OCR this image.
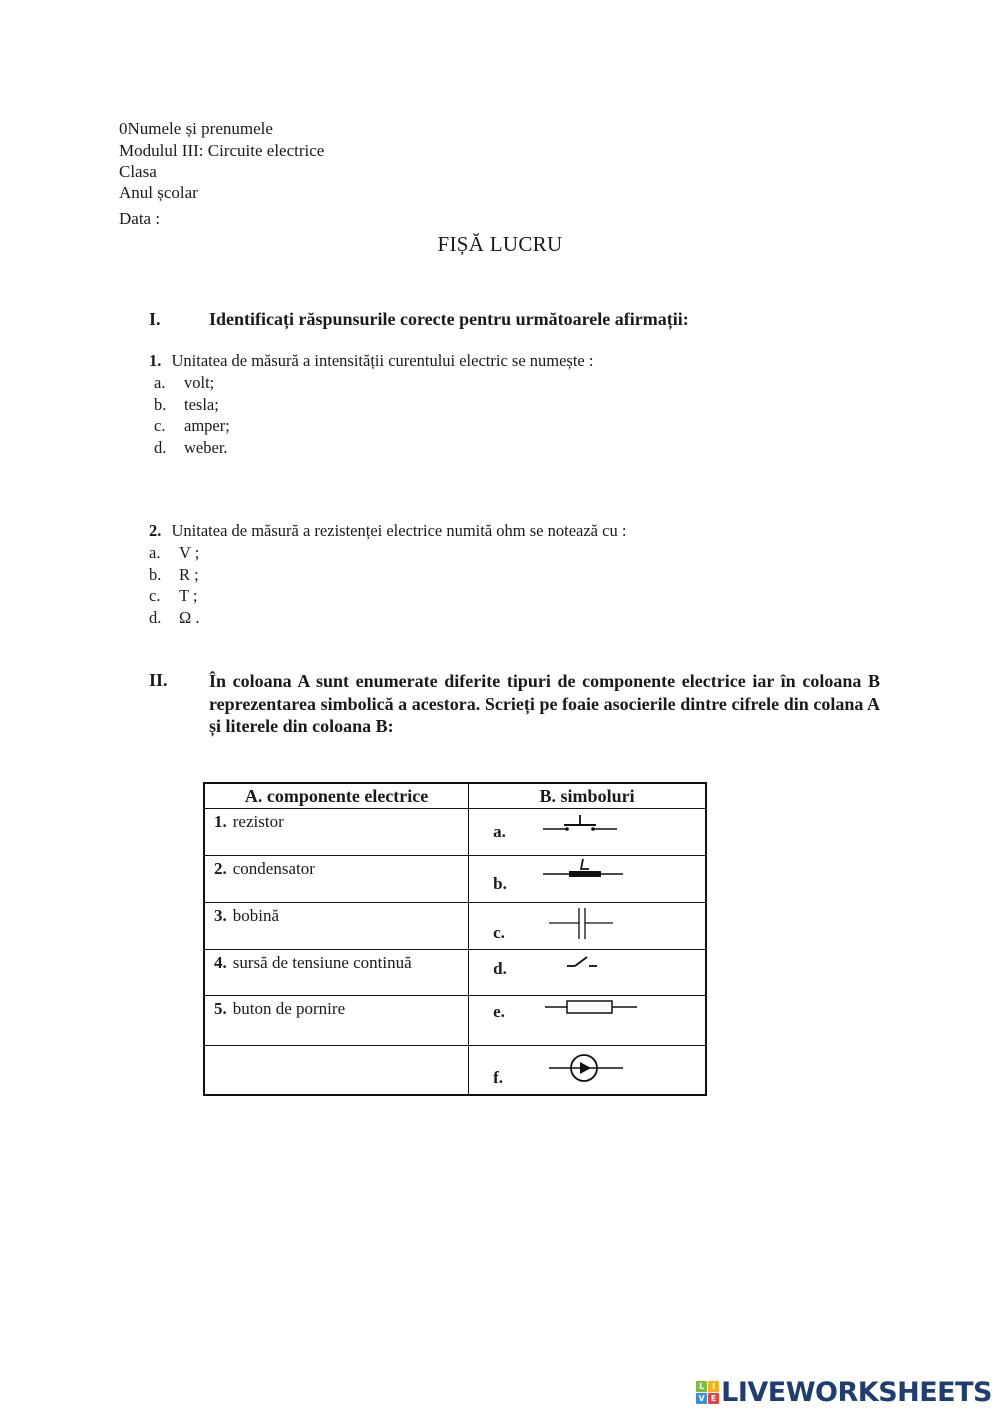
0Numele și prenumele
Modulul III: Circuite electrice
Clasa
Anul școlar
Data :
FIȘĂ LUCRU
I.	Identificați răspunsurile corecte pentru următoarele afirmații:
1. Unitatea de măsură a intensității curentului electric se numește :
a. volt;
b. tesla;
c. amper;
d. weber.
2. Unitatea de măsură a rezistenței electrice numită ohm se notează cu :
a. V ;
b. R ;
c. T ;
d. Ω .
II. În coloana A sunt enumerate diferite tipuri de componente electrice iar în coloana B reprezentarea simbolică a acestora. Scrieți pe foaie asocierile dintre cifrele din colana A și literele din coloana B:
A. componente electrice	B. simboluri
1. rezistor	a.

2. condensator	b.

3. bobină	c.

4. sursă de tensiune continuă	d.

5. buton de pornire	e.

	f.
L I
V E LIVEWORKSHEETS
